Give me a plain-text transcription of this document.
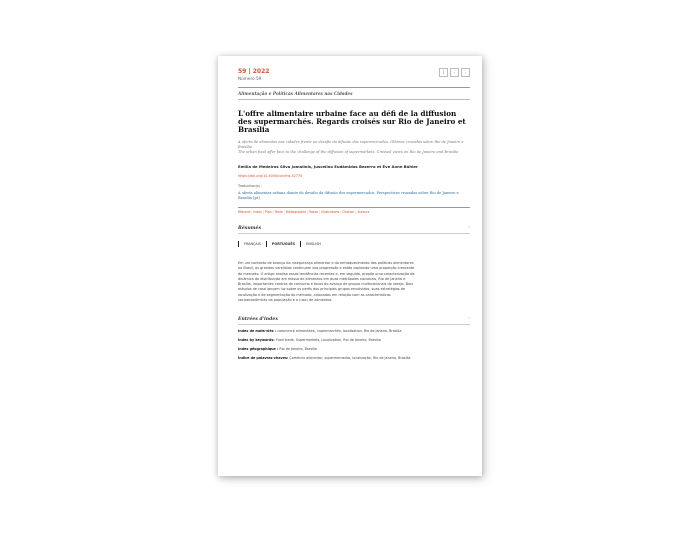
59 | 2022
Número 59
1	‹	›
Alimentação e Políticas Alimentares nas Cidades
L'offre alimentaire urbaine face au défi de la diffusion des supermarchés. Regards croisés sur Rio de Janeiro et Brasília
A oferta de alimentos nas cidades frente ao desafio da difusão dos supermercados. Olhares cruzados sobre Rio de Janeiro e Brasília
The urban food offer face to the challenge of the diffusion of supermarkets. Crossed views on Rio de Janeiro and Brasilia
Emilia de Medeiros Silva Jomalinis, Juscelino Eudâmidas Bezerra et Éve Anne Bühler
https://doi.org/10.4000/confins.52770
Traduction(s) :
A oferta alimentar urbana diante do desafio da difusão dos supermercados. Perspectivas cruzadas sobre Rio de Janeiro e Brasília [pt]
Résumé | Index | Plan | Texte | Bibliographie | Notes | Illustrations | Citation | Auteurs
Résumés	˄
FRANÇAIS	PORTUGUÊS	ENGLISH
Em um contexto de avanço da insegurança alimentar e do enfraquecimento das políticas alimentares no Brasil, os grandes varejistas continuam sua progressão e estão captando uma proporção crescente do mercado. O artigo analisa essas tendências recentes e, em seguida, propõe uma caracterização da dinâmica da distribuição em massa de alimentos em duas metrópoles nacionais, Rio de Janeiro e Brasília, importantes centros de consumo e focos do avanço de grupos multinacionais do varejo. Dois estudos de caso lançam luz sobre os perfis dos principais grupos envolvidos, suas estratégias de localização e de segmentação do mercado, colocadas em relação com as características socioeconômicas da população e o (uso) de alimentos.
Entrées d'index	˄
Index de mots-clés : commerce alimentaire, supermarchés, localisation, Rio de Janeiro, Brasília
Index by keywords: Food trade, Supermarkets, Localization, Rio de Janeiro, Brasilia
Index géographique : Rio de Janeiro, Brasília
Índice de palavras-chaves: Comércio alimentar, supermercados, localização, Rio de Janeiro, Brasília
